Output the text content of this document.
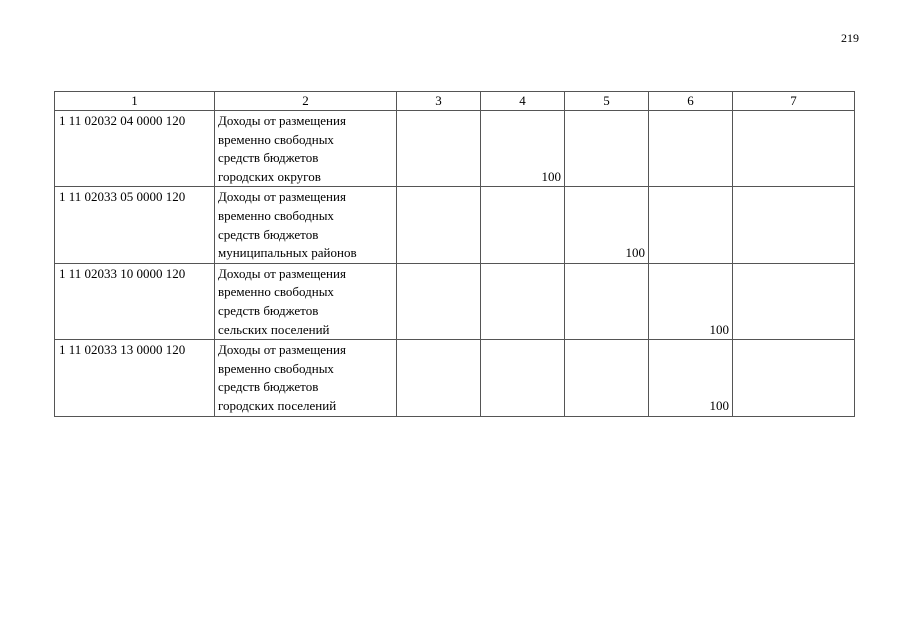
219
1	2	3	4	5	6	7
1 11 02032 04 0000 120	Доходы от размещения
временно свободных
средств бюджетов
городских округов		100			
1 11 02033 05 0000 120	Доходы от размещения
временно свободных
средств бюджетов
муниципальных районов			100		
1 11 02033 10 0000 120	Доходы от размещения
временно свободных
средств бюджетов
сельских поселений				100	
1 11 02033 13 0000 120	Доходы от размещения
временно свободных
средств бюджетов
городских поселений				100	
